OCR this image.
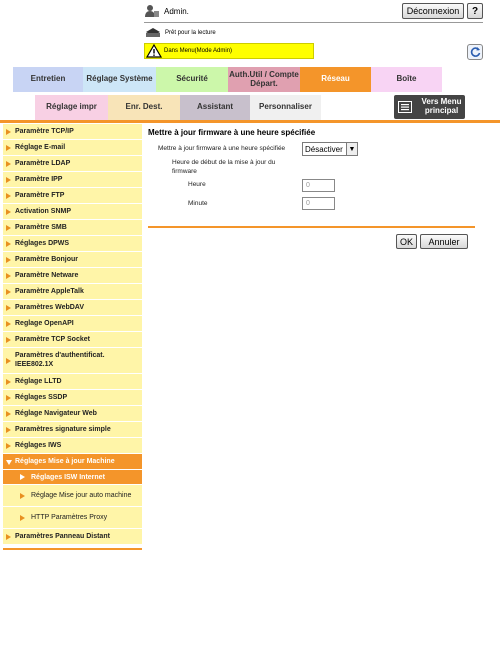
Admin.	Déconnexion	?
Prêt pour la lecture
Dans Menu(Mode Admin)
Entretien	Réglage Système	Sécurité	Auth.Util / Compte Départ.	Réseau	Boîte
Réglage impr	Enr. Dest.	Assistant	Personnaliser
Vers Menu principal
Paramètre TCP/IP
Réglage E-mail
Paramètre LDAP
Paramètre IPP
Paramètre FTP
Activation SNMP
Paramètre SMB
Réglages DPWS
Paramètre Bonjour
Paramètre Netware
Paramètre AppleTalk
Paramètres WebDAV
Reglage OpenAPI
Paramètre TCP Socket
Paramètres d'authentificat. IEEE802.1X
Réglage LLTD
Réglages SSDP
Réglage Navigateur Web
Paramètres signature simple
Réglages IWS
Réglages Mise à jour Machine
Réglages ISW Internet
Réglage Mise jour auto machine
HTTP Paramètres Proxy
Paramètres Panneau Distant
Mettre à jour firmware à une heure spécifiée
Mettre à jour firmware à une heure spécifiée Désactiver ▼
Heure de début de la mise à jour du firmware
Heure	0
Minute	0
OK	Annuler
